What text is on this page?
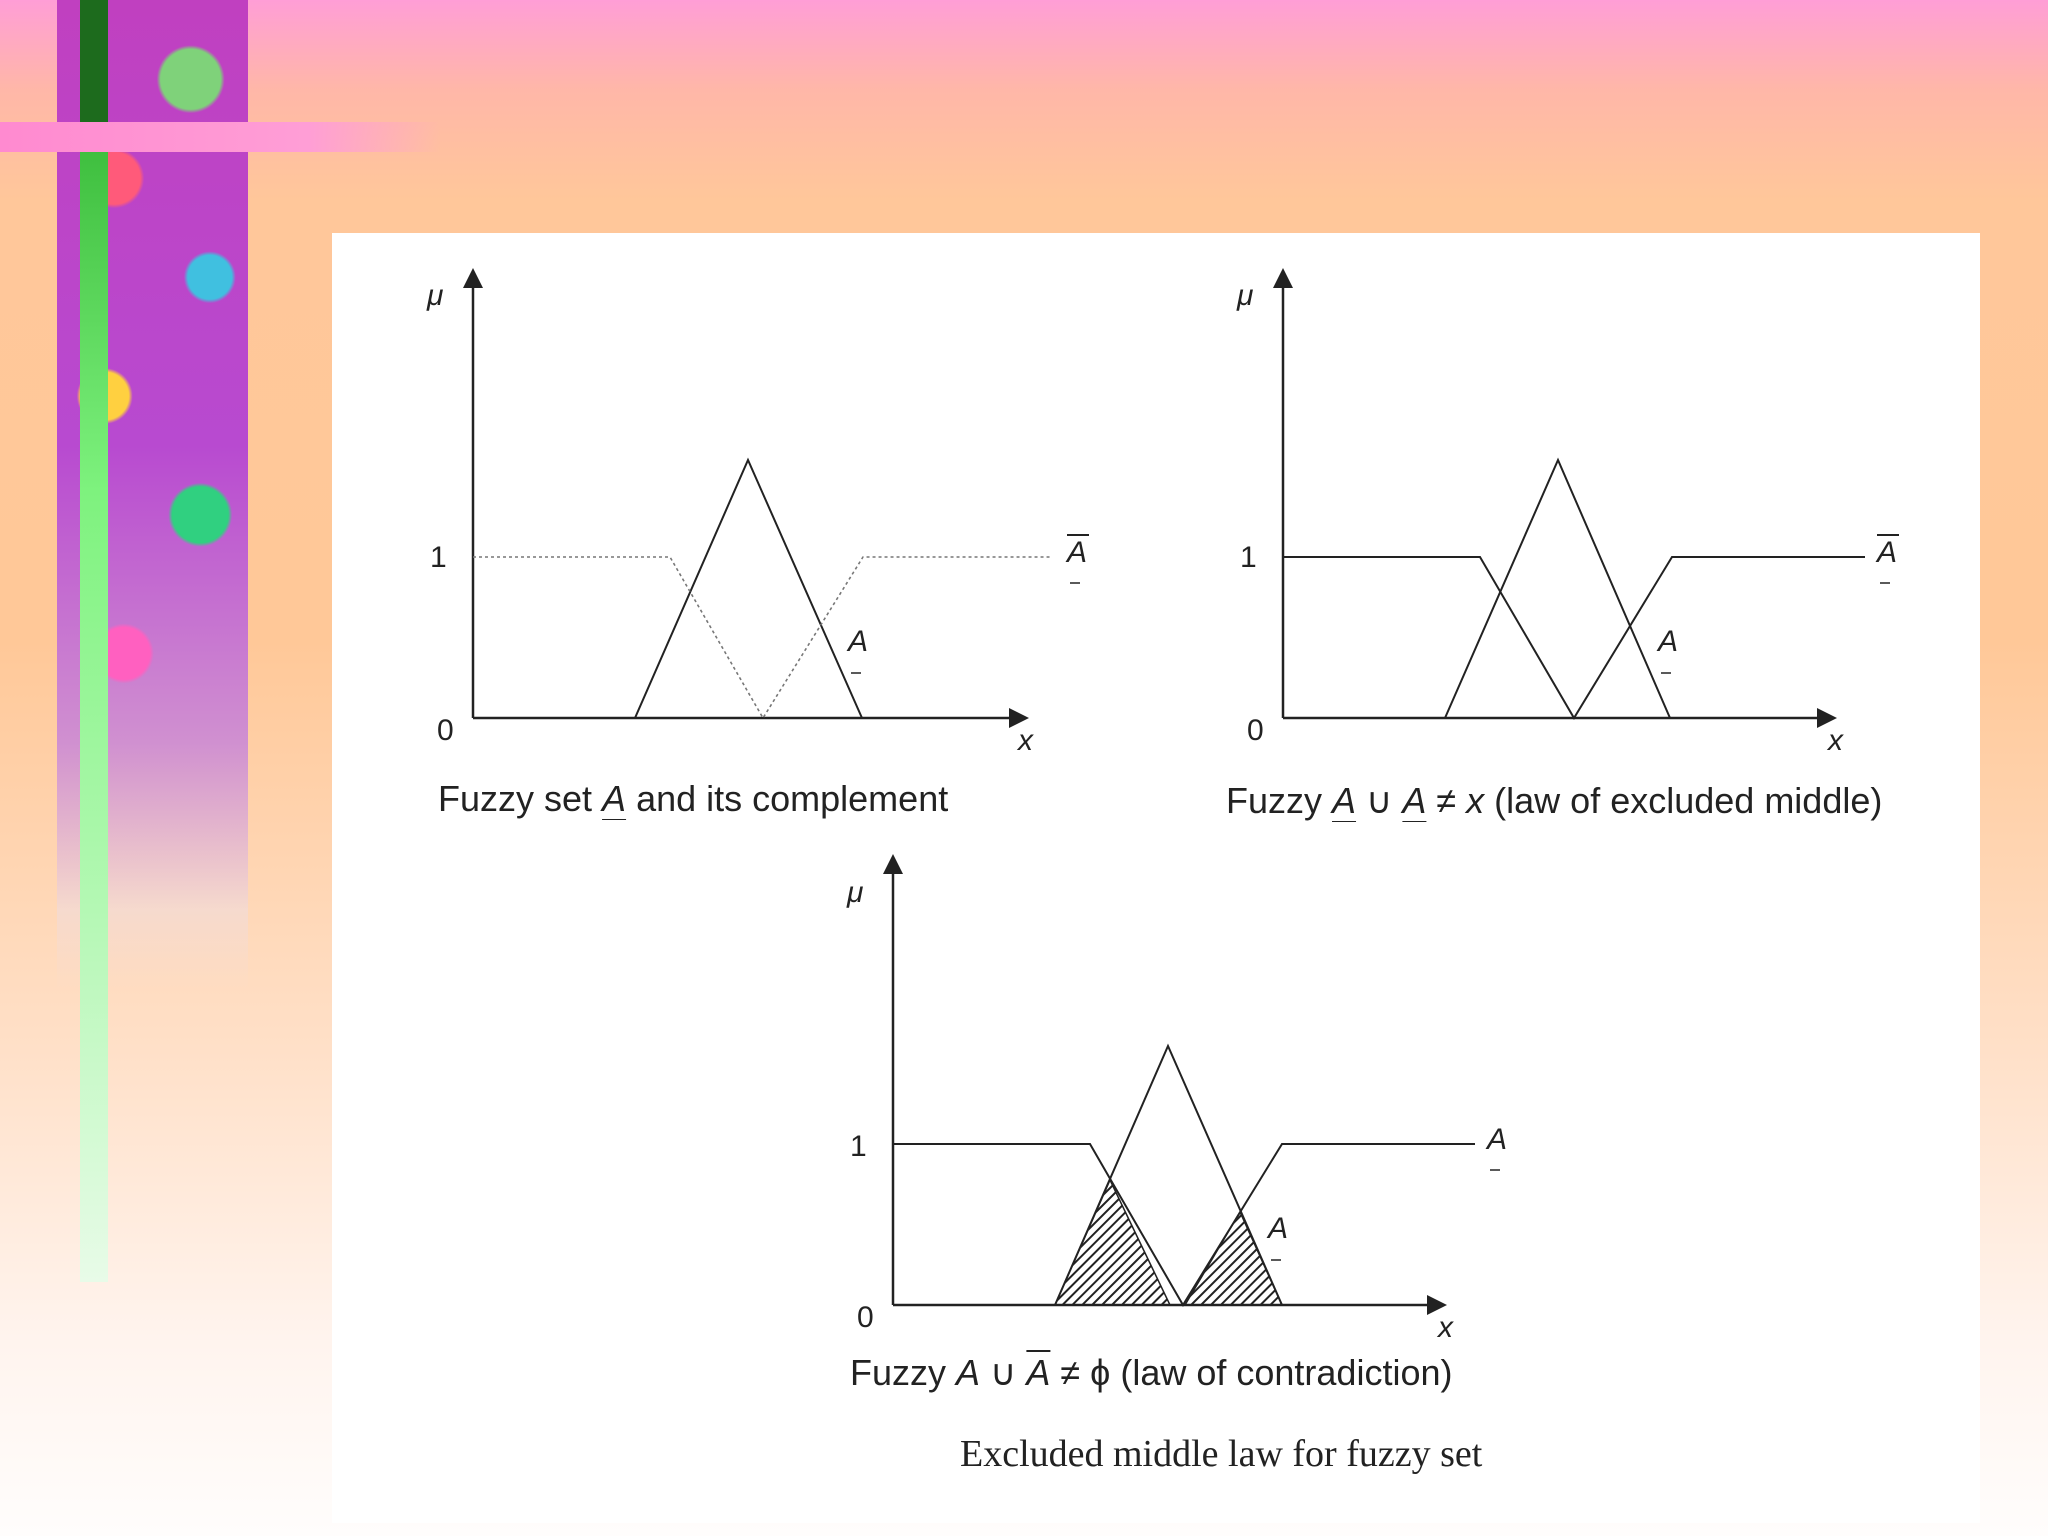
μ
x
1
0
A
A
μ
x
1
0
A
A
μ
x
1
0
A
A
Fuzzy set A and its complement	Fuzzy A ∪ A ≠ x (law of excluded middle)
Fuzzy A ∪ $\overline{A} \ne \phi$ (law of contradiction)
Excluded middle law for fuzzy set
